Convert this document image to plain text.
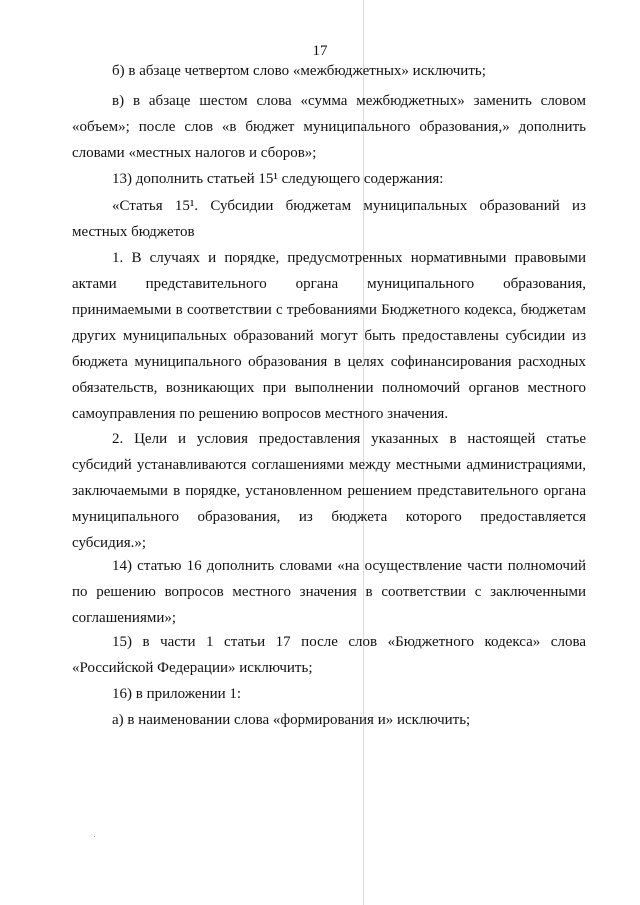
17

б) в абзаце четвертом слово «межбюджетных» исключить;

в) в абзаце шестом слова «сумма межбюджетных» заменить словом «объем»; после слов «в бюджет муниципального образования,» дополнить словами «местных налогов и сборов»;

13) дополнить статьей 15¹ следующего содержания:

«Статья 15¹. Субсидии бюджетам муниципальных образований из местных бюджетов

1. В случаях и порядке, предусмотренных нормативными правовыми актами представительного органа муниципального образования, принимаемыми в соответствии с требованиями Бюджетного кодекса, бюджетам других муниципальных образований могут быть предоставлены субсидии из бюджета муниципального образования в целях софинансирования расходных обязательств, возникающих при выполнении полномочий органов местного самоуправления по решению вопросов местного значения.

2. Цели и условия предоставления указанных в настоящей статье субсидий устанавливаются соглашениями между местными администрациями, заключаемыми в порядке, установленном решением представительного органа муниципального образования, из бюджета которого предоставляется субсидия.»;

14) статью 16 дополнить словами «на осуществление части полномочий по решению вопросов местного значения в соответствии с заключенными соглашениями»;

15) в части 1 статьи 17 после слов «Бюджетного кодекса» слова «Российской Федерации» исключить;

16) в приложении 1:

а) в наименовании слова «формирования и» исключить;
